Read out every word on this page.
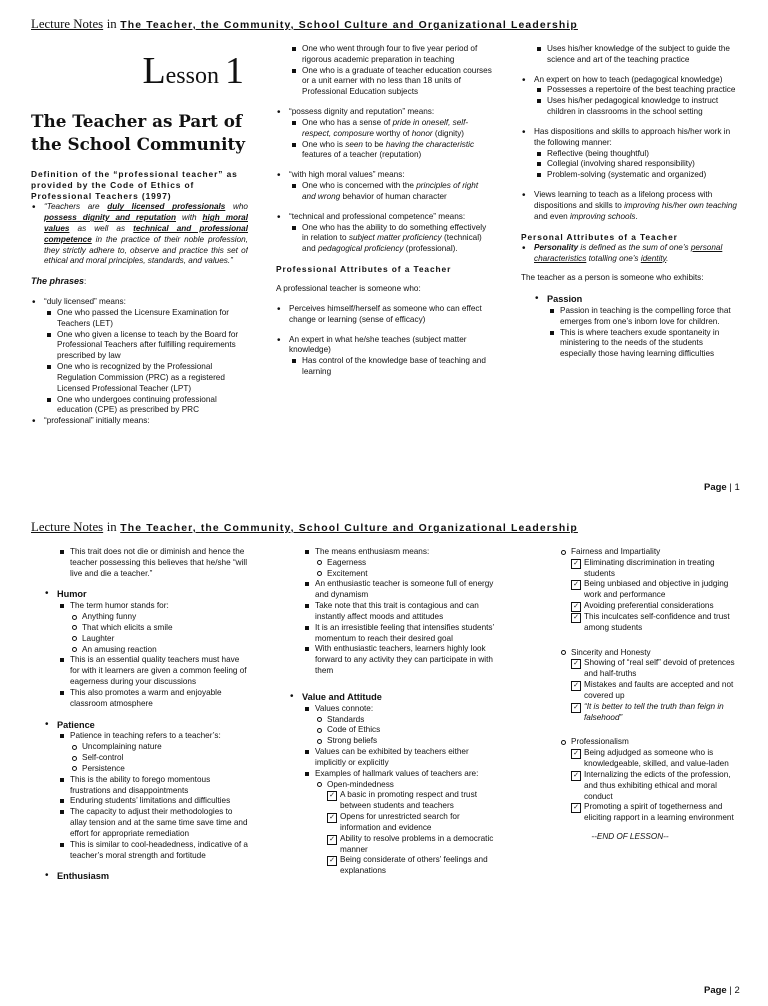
Lecture Notes in The Teacher, the Community, School Culture and Organizational Leadership
Lesson 1
The Teacher as Part of the School Community
Definition of the “professional teacher” as provided by the Code of Ethics of Professional Teachers (1997)
• “Teachers are duly licensed professionals who possess dignity and reputation with high moral values as well as technical and professional competence in the practice of their noble profession, they strictly adhere to, observe and practice this set of ethical and moral principles, standards, and values.”
The phrases:
• “duly licensed” means:
One who passed the Licensure Examination for Teachers (LET)
One who given a license to teach by the Board for Professional Teachers after fulfilling requirements prescribed by law
One who is recognized by the Professional Regulation Commission (PRC) as a registered Licensed Professional Teacher (LPT)
One who undergoes continuing professional education (CPE) as prescribed by PRC
• “professional” initially means:
One who went through four to five year period of rigorous academic preparation in teaching
One who is a graduate of teacher education courses or a unit earner with no less than 18 units of Professional Education subjects
• “possess dignity and reputation” means:
One who has a sense of pride in oneself, self-respect, composure worthy of honor (dignity)
One who is seen to be having the characteristic features of a teacher (reputation)
• “with high moral values” means:
One who is concerned with the principles of right and wrong behavior of human character
• “technical and professional competence” means:
One who has the ability to do something effectively in relation to subject matter proficiency (technical) and pedagogical proficiency (professional).
Professional Attributes of a Teacher

A professional teacher is someone who:

• Perceives himself/herself as someone who can effect change or learning (sense of efficacy)
• An expert in what he/she teaches (subject matter knowledge)
Has control of the knowledge base of teaching and learning
Uses his/her knowledge of the subject to guide the science and art of the teaching practice
• An expert on how to teach (pedagogical knowledge)
Possesses a repertoire of the best teaching practice
Uses his/her pedagogical knowledge to instruct children in classrooms in the school setting
• Has dispositions and skills to approach his/her work in the following manner:
Reflective (being thoughtful)
Collegial (involving shared responsibility)
Problem-solving (systematic and organized)
• Views learning to teach as a lifelong process with dispositions and skills to improving his/her own teaching and even improving schools.
Personal Attributes of a Teacher
• Personality is defined as the sum of one’s personal characteristics totalling one’s identity.

The teacher as a person is someone who exhibits:

• Passion
Passion in teaching is the compelling force that emerges from one’s inborn love for children.
This is where teachers exude spontaneity in ministering to the needs of the students especially those having learning difficulties
Page | 1
Lecture Notes in The Teacher, the Community, School Culture and Organizational Leadership
This trait does not die or diminish and hence the teacher possessing this believes that he/she “will live and die a teacher.”
• Humor
The term humor stands for:
Anything funny
That which elicits a smile
Laughter
An amusing reaction
This is an essential quality teachers must have for with it learners are given a common feeling of eagerness during your discussions
This also promotes a warm and enjoyable classroom atmosphere
• Patience
Patience in teaching refers to a teacher’s:
Uncomplaining nature
Self-control
Persistence
This is the ability to forego momentous frustrations and disappointments
Enduring students’ limitations and difficulties
The capacity to adjust their methodologies to allay tension and at the same time save time and effort for appropriate remediation
This is similar to cool-headedness, indicative of a teacher’s moral strength and fortitude
• Enthusiasm
The means enthusiasm means:
Eagerness
Excitement
An enthusiastic teacher is someone full of energy and dynamism
Take note that this trait is contagious and can instantly affect moods and attitudes
It is an irresistible feeling that intensifies students’ momentum to reach their desired goal
With enthusiastic teachers, learners highly look forward to any activity they can participate in with them
• Value and Attitude
Values connote:
Standards
Code of Ethics
Strong beliefs
Values can be exhibited by teachers either implicitly or explicitly
Examples of hallmark values of teachers are:
Open-mindedness
✓ A basic in promoting respect and trust between students and teachers
✓ Opens for unrestricted search for information and evidence
✓ Ability to resolve problems in a democratic manner
✓ Being considerate of others’ feelings and explanations
Fairness and Impartiality
✓ Eliminating discrimination in treating students
✓ Being unbiased and objective in judging work and performance
✓ Avoiding preferential considerations
✓ This inculcates self-confidence and trust among students
Sincerity and Honesty
✓ Showing of “real self” devoid of pretences and half-truths
✓ Mistakes and faults are accepted and not covered up
✓ “It is better to tell the truth than feign in falsehood”
Professionalism
✓ Being adjudged as someone who is knowledgeable, skilled, and value-laden
✓ Internalizing the edicts of the profession, and thus exhibiting ethical and moral conduct
✓ Promoting a spirit of togetherness and eliciting rapport in a learning environment
--END OF LESSON--
Page | 2
